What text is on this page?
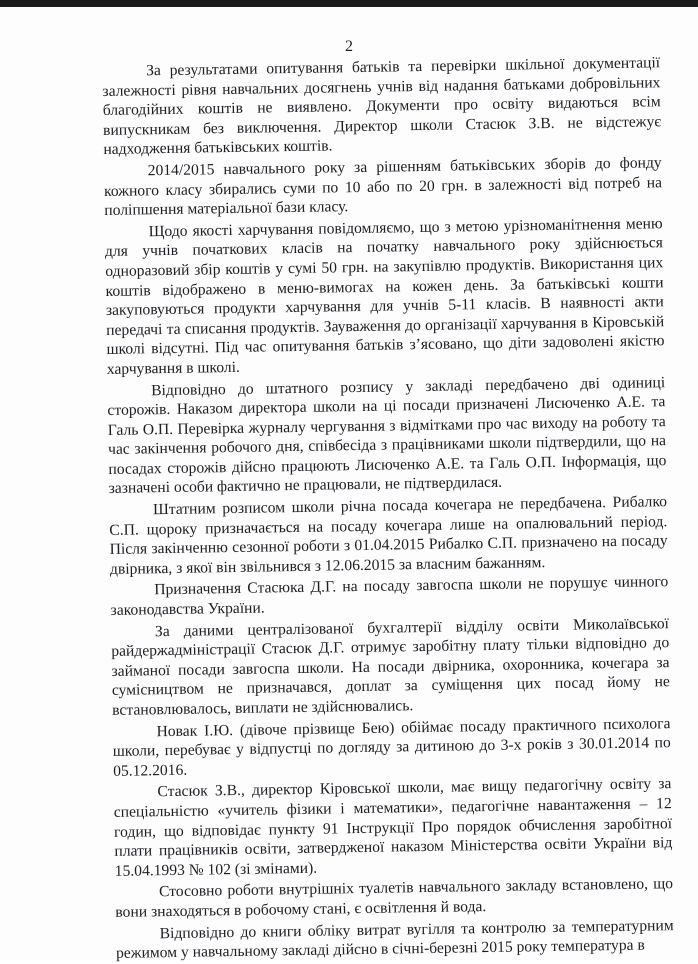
2

За результатами опитування батьків та перевірки шкільної документації залежності рівня навчальних досягнень учнів від надання батьками добровільних благодійних коштів не виявлено. Документи про освіту видаються всім випускникам без виключення. Директор школи Стасюк З.В. не відстежує надходження батьківських коштів.

2014/2015 навчального року за рішенням батьківських зборів до фонду кожного класу збирались суми по 10 або по 20 грн. в залежності від потреб на поліпшення матеріальної бази класу.

Щодо якості харчування повідомляємо, що з метою урізноманітнення меню для учнів початкових класів на початку навчального року здійснюється одноразовий збір коштів у сумі 50 грн. на закупівлю продуктів. Використання цих коштів відображено в меню-вимогах на кожен день. За батьківські кошти закуповуються продукти харчування для учнів 5-11 класів. В наявності акти передачі та списання продуктів. Зауваження до організації харчування в Кіровській школі відсутні. Під час опитування батьків з’ясовано, що діти задоволені якістю харчування в школі.

Відповідно до штатного розпису у закладі передбачено дві одиниці сторожів. Наказом директора школи на ці посади призначені Лисюченко А.Е. та Галь О.П. Перевірка журналу чергування з відмітками про час виходу на роботу та час закінчення робочого дня, співбесіда з працівниками школи підтвердили, що на посадах сторожів дійсно працюють Лисюченко А.Е. та Галь О.П. Інформація, що зазначені особи фактично не працювали, не підтвердилася.

Штатним розписом школи річна посада кочегара не передбачена. Рибалко С.П. щороку призначається на посаду кочегара лише на опалювальний період. Після закінченню сезонної роботи з 01.04.2015 Рибалко С.П. призначено на посаду двірника, з якої він звільнився з 12.06.2015 за власним бажанням.

Призначення Стасюка Д.Г. на посаду завгоспа школи не порушує чинного законодавства України.

За даними централізованої бухгалтерії відділу освіти Миколаївської райдержадміністрації Стасюк Д.Г. отримує заробітну плату тільки відповідно до займаної посади завгоспа школи. На посади двірника, охоронника, кочегара за сумісництвом не призначався, доплат за суміщення цих посад йому не встановлювалось, виплати не здійснювались.

Новак І.Ю. (дівоче прізвище Бею) обіймає посаду практичного психолога школи, перебуває у відпустці по догляду за дитиною до 3-х років з 30.01.2014 по 05.12.2016.

Стасюк З.В., директор Кіровської школи, має вищу педагогічну освіту за спеціальністю «учитель фізики і математики», педагогічне навантаження – 12 годин, що відповідає пункту 91 Інструкції Про порядок обчислення заробітної плати працівників освіти, затвердженої наказом Міністерства освіти України від 15.04.1993 № 102 (зі змінами).

Стосовно роботи внутрішніх туалетів навчального закладу встановлено, що вони знаходяться в робочому стані, є освітлення й вода.

Відповідно до книги обліку витрат вугілля та контролю за температурним режимом у навчальному закладі дійсно в січні-березні 2015 року температура в
